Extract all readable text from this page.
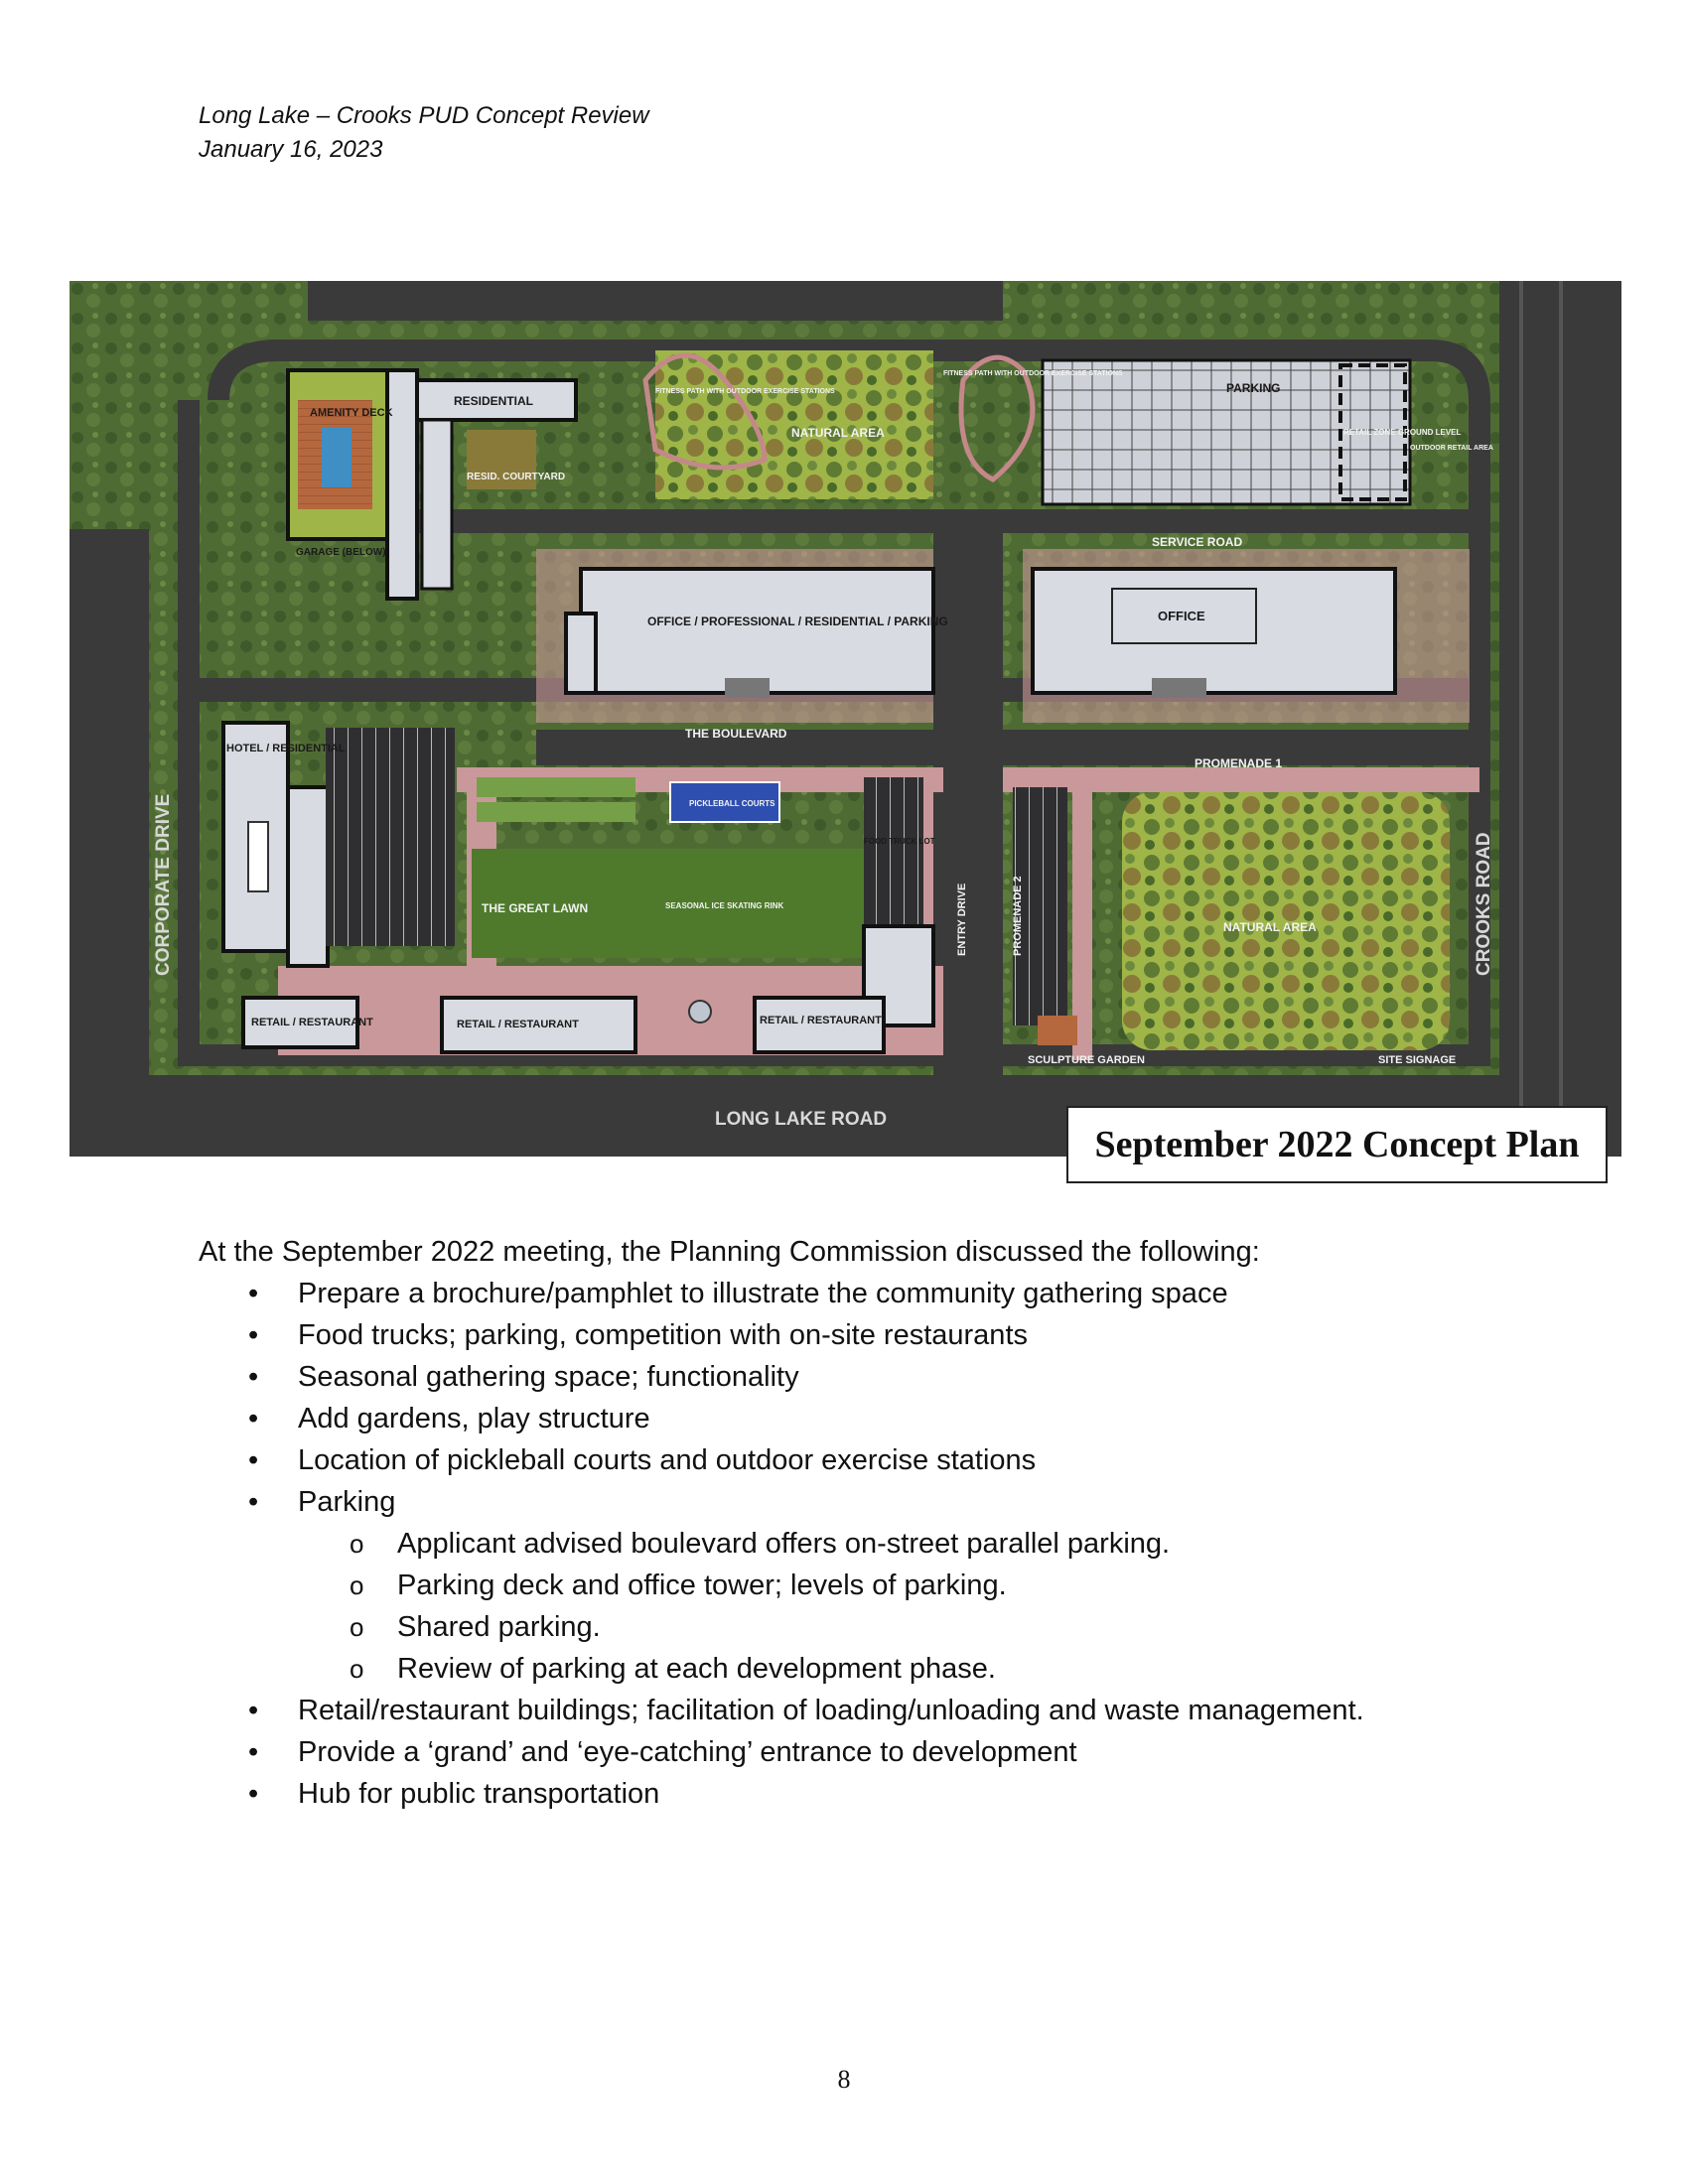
Long Lake – Crooks PUD Concept Review
January 16, 2023
AMENITY DECK
RESIDENTIAL
RESID. COURTYARD
GARAGE (BELOW)
FITNESS PATH WITH OUTDOOR EXERCISE STATIONS
NATURAL AREA
FITNESS PATH WITH OUTDOOR EXERCISE STATIONS
PARKING
RETAIL ZONE GROUND LEVEL
OUTDOOR RETAIL AREA
SERVICE ROAD
OFFICE / PROFESSIONAL / RESIDENTIAL / PARKING	OFFICE
HOTEL / RESIDENTIAL
THE BOULEVARD
PROMENADE 1
PICKLEBALL COURTS
FOOD TRUCK LOT
THE GREAT LAWN	SEASONAL ICE SKATING RINK	ENTRY DRIVE	PROMENADE 2	NATURAL AREA
RETAIL / RESTAURANT	RETAIL / RESTAURANT	RETAIL / RESTAURANT
SCULPTURE GARDEN	SITE SIGNAGE
CORPORATE DRIVE	CROOKS ROAD
LONG LAKE ROAD
September 2022 Concept Plan

At the September 2022 meeting, the Planning Commission discussed the following:

• Prepare a brochure/pamphlet to illustrate the community gathering space
• Food trucks; parking, competition with on-site restaurants
• Seasonal gathering space; functionality
• Add gardens, play structure
• Location of pickleball courts and outdoor exercise stations
• Parking
o Applicant advised boulevard offers on-street parallel parking.
o Parking deck and office tower; levels of parking.
o Shared parking.
o Review of parking at each development phase.
• Retail/restaurant buildings; facilitation of loading/unloading and waste management.
• Provide a ‘grand’ and ‘eye-catching’ entrance to development
• Hub for public transportation
8
